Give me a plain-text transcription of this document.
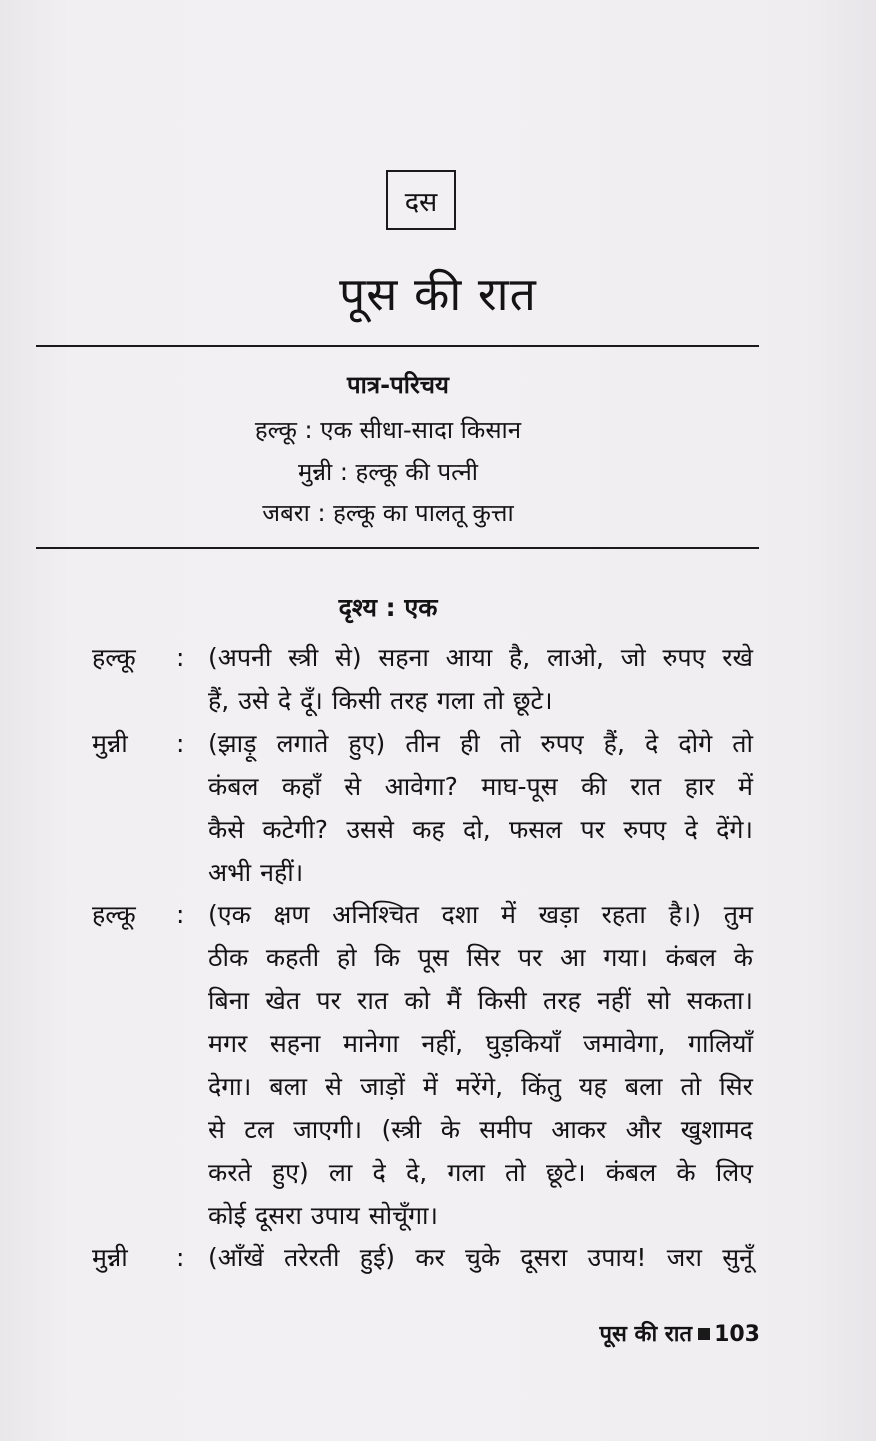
दस
पूस की रात
पात्र-परिचय
हल्कू : एक सीधा-सादा किसान
मुन्नी : हल्कू की पत्नी
जबरा : हल्कू का पालतू कुत्ता
दृश्य : एक
हल्कू	: (अपनी स्त्री से) सहना आया है, लाओ, जो रुपए रखे
हैं, उसे दे दूँ। किसी तरह गला तो छूटे।
मुन्नी	: (झाड़ू लगाते हुए) तीन ही तो रुपए हैं, दे दोगे तो
कंबल कहाँ से आवेगा? माघ-पूस की रात हार में
कैसे कटेगी? उससे कह दो, फसल पर रुपए दे देंगे।
अभी नहीं।
हल्कू	: (एक क्षण अनिश्चित दशा में खड़ा रहता है।) तुम
ठीक कहती हो कि पूस सिर पर आ गया। कंबल के
बिना खेत पर रात को मैं किसी तरह नहीं सो सकता।
मगर सहना मानेगा नहीं, घुड़कियाँ जमावेगा, गालियाँ
देगा। बला से जाड़ों में मरेंगे, किंतु यह बला तो सिर
से टल जाएगी। (स्त्री के समीप आकर और खुशामद
करते हुए) ला दे दे, गला तो छूटे। कंबल के लिए
कोई दूसरा उपाय सोचूँगा।
मुन्नी	: (आँखें तरेरती हुई) कर चुके दूसरा उपाय! जरा सुनूँ
पूस की रात 103
